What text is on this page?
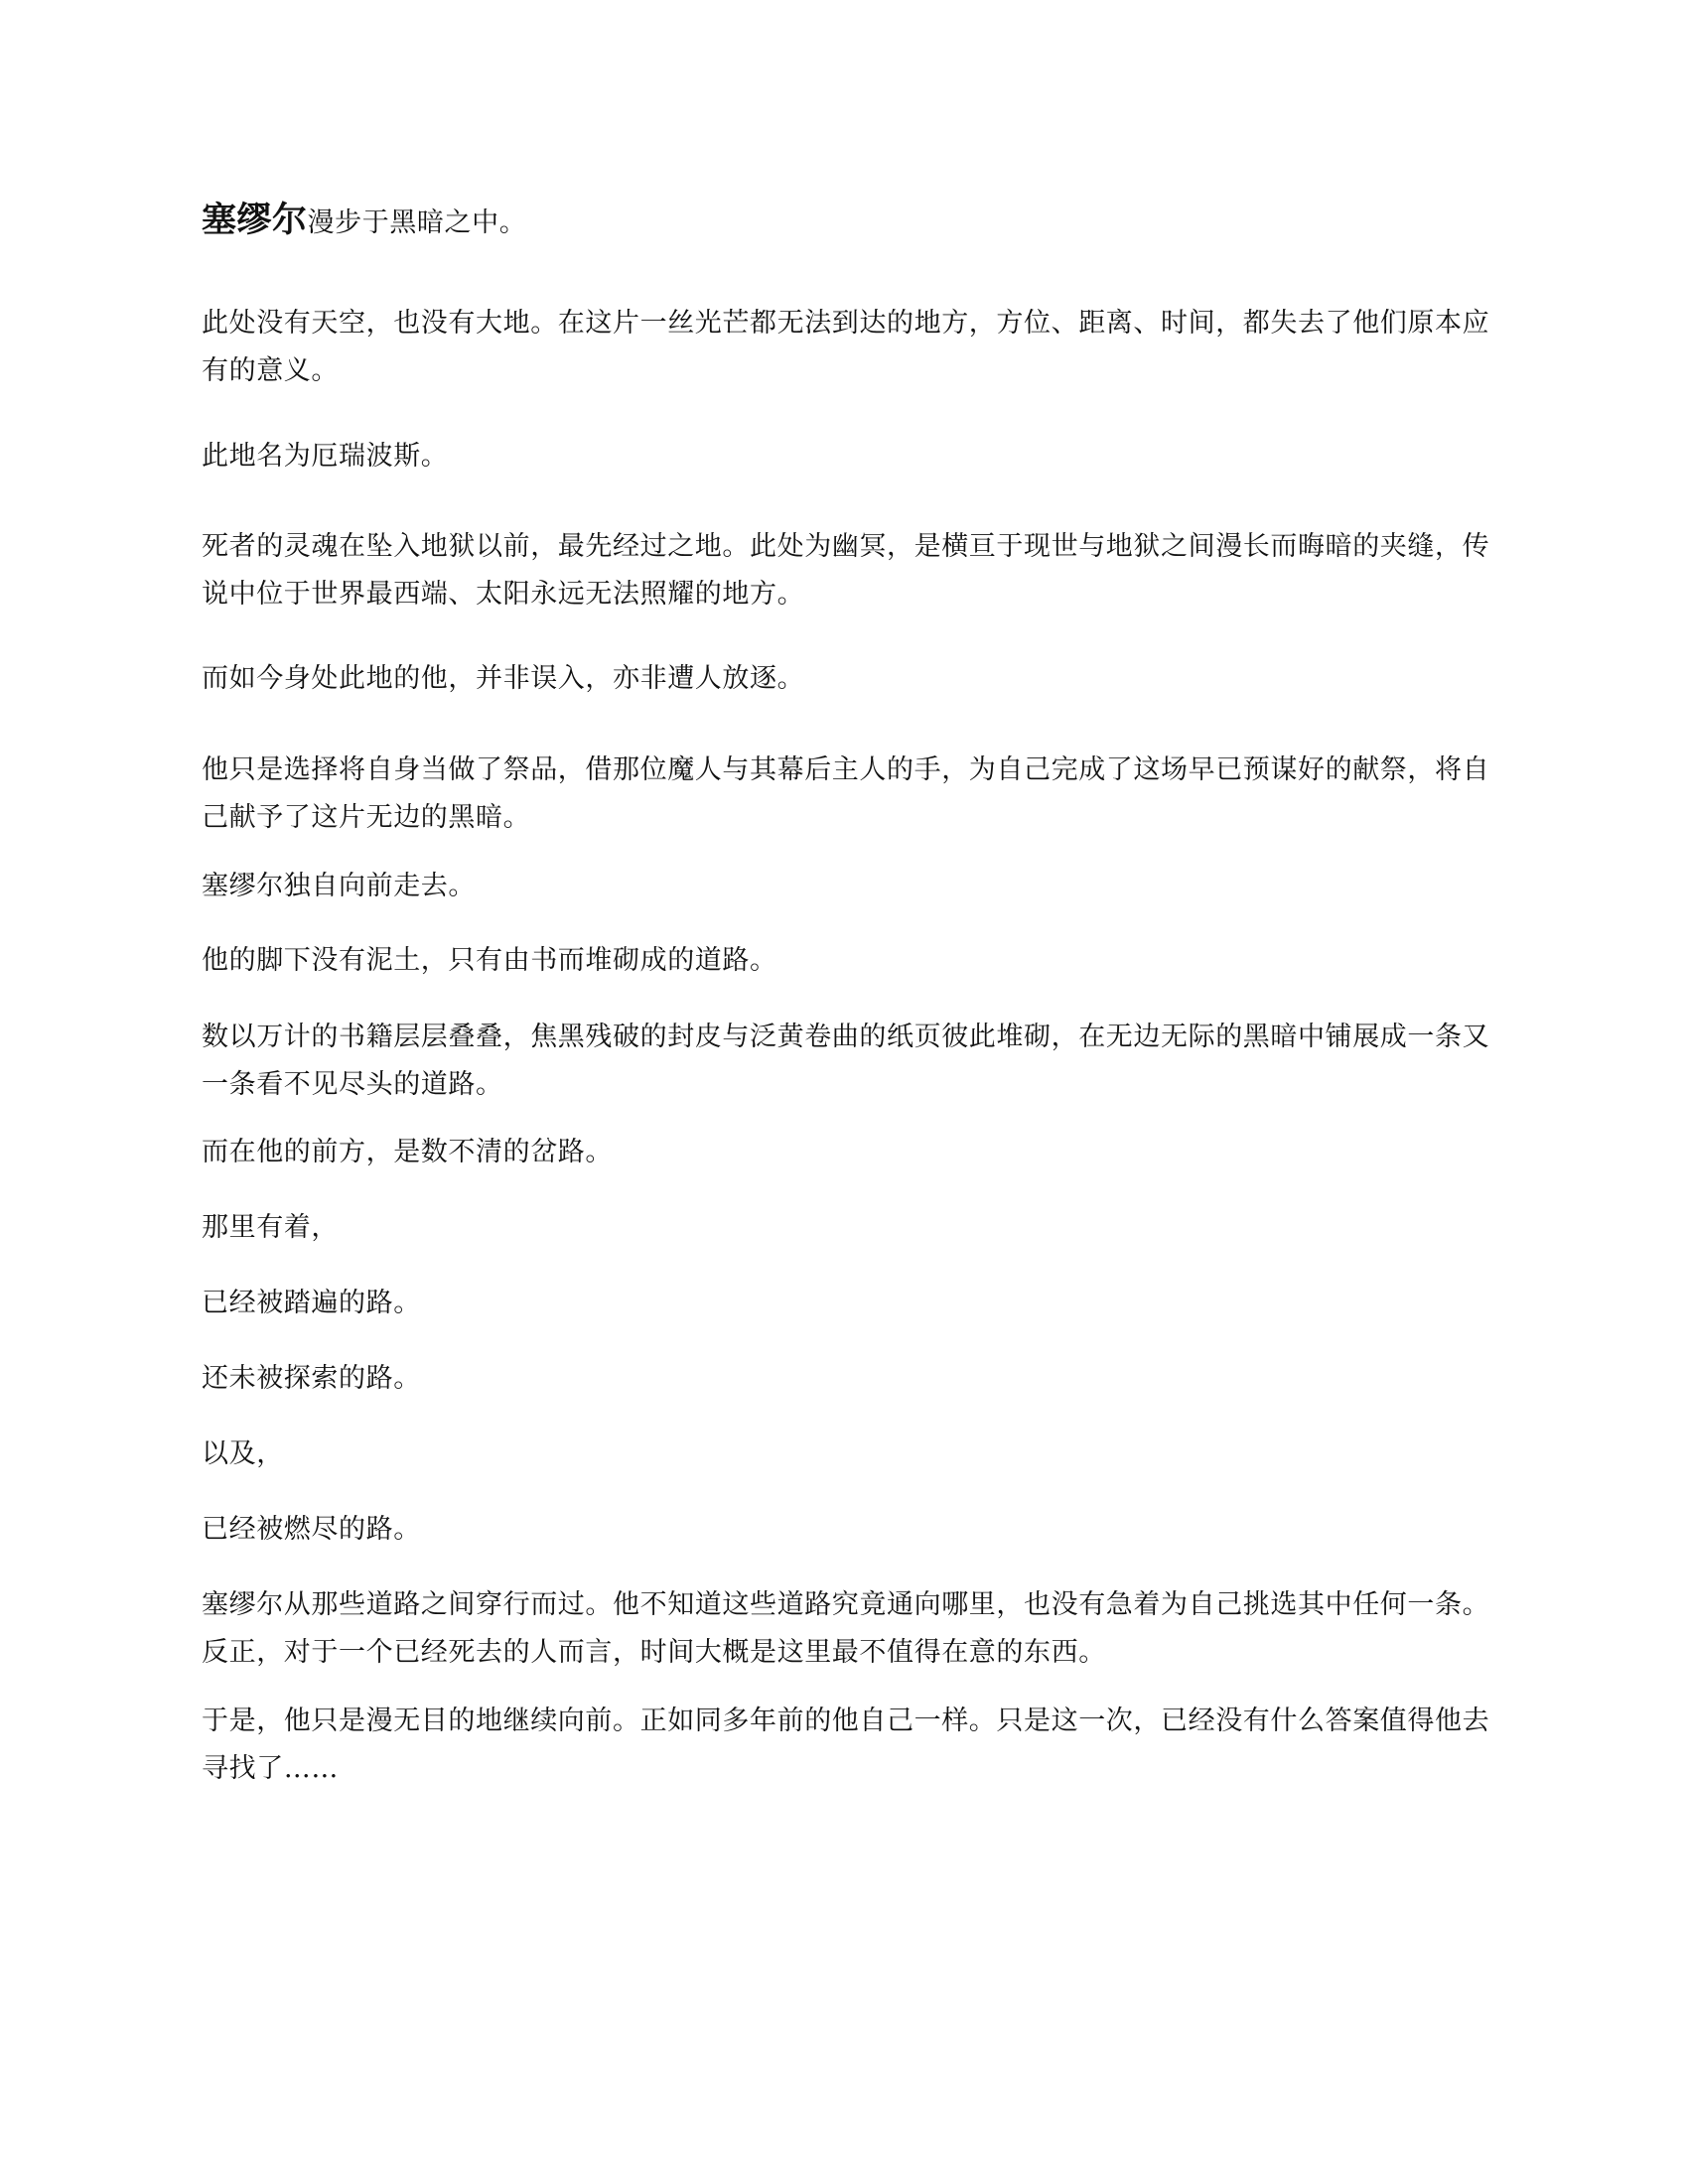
塞缪尔漫步于黑暗之中。

此处没有天空，也没有大地。在这片一丝光芒都无法到达的地方，方位、距离、时间，都失去了他们原本应有的意义。

此地名为厄瑞波斯。

死者的灵魂在坠入地狱以前，最先经过之地。此处为幽冥，是横亘于现世与地狱之间漫长而晦暗的夹缝，传说中位于世界最西端、太阳永远无法照耀的地方。

而如今身处此地的他，并非误入，亦非遭人放逐。

他只是选择将自身当做了祭品，借那位魔人与其幕后主人的手，为自己完成了这场早已预谋好的献祭，将自己献予了这片无边的黑暗。

塞缪尔独自向前走去。

他的脚下没有泥土，只有由书而堆砌成的道路。

数以万计的书籍层层叠叠，焦黑残破的封皮与泛黄卷曲的纸页彼此堆砌，在无边无际的黑暗中铺展成一条又一条看不见尽头的道路。

而在他的前方，是数不清的岔路。

那里有着，

已经被踏遍的路。

还未被探索的路。

以及，

已经被燃尽的路。

塞缪尔从那些道路之间穿行而过。他不知道这些道路究竟通向哪里，也没有急着为自己挑选其中任何一条。反正，对于一个已经死去的人而言，时间大概是这里最不值得在意的东西。

于是，他只是漫无目的地继续向前。正如同多年前的他自己一样。只是这一次，已经没有什么答案值得他去寻找了……
